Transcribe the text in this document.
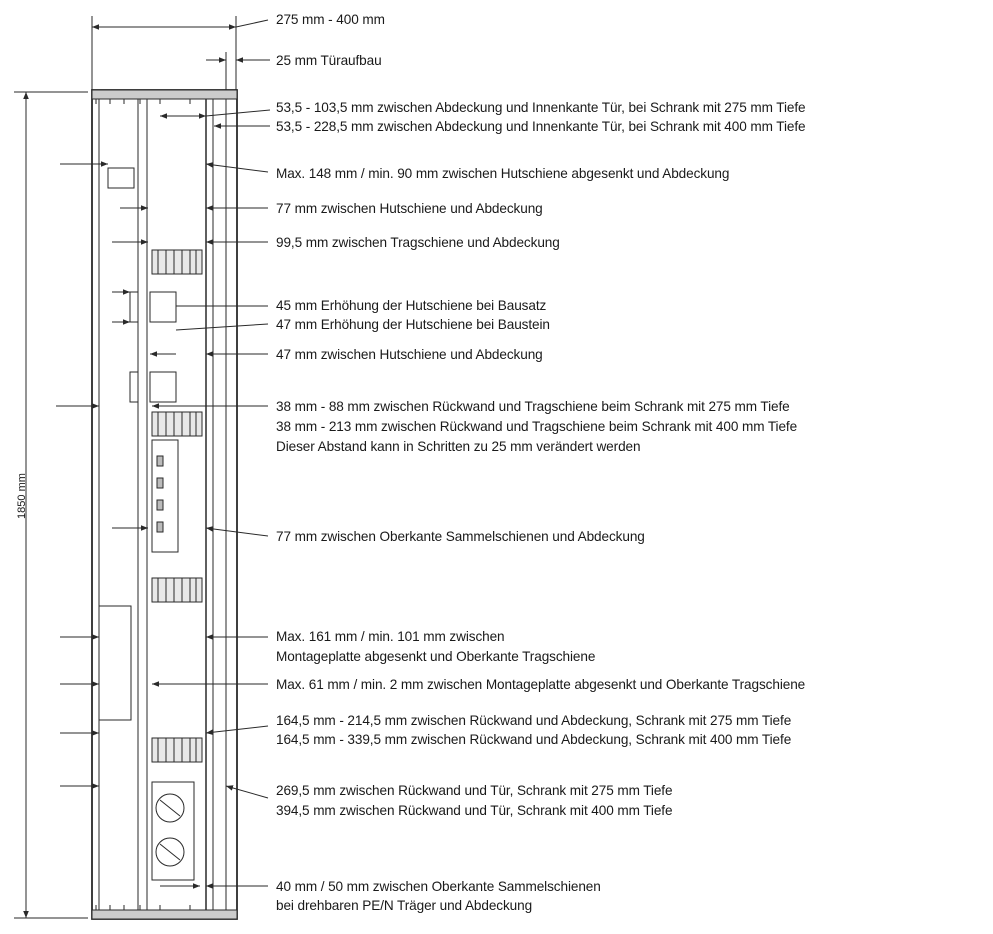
275 mm - 400 mm
25 mm Türaufbau
1850 mm
53,5 - 103,5 mm zwischen Abdeckung und Innenkante Tür, bei Schrank mit 275 mm Tiefe
53,5 - 228,5 mm zwischen Abdeckung und Innenkante Tür, bei Schrank mit 400 mm Tiefe
Max. 148 mm / min. 90 mm zwischen Hutschiene abgesenkt und Abdeckung
77 mm zwischen Hutschiene und Abdeckung
99,5 mm zwischen Tragschiene und Abdeckung
45 mm Erhöhung der Hutschiene bei Bausatz
47 mm Erhöhung der Hutschiene bei Baustein
47 mm zwischen Hutschiene und Abdeckung
38 mm - 88 mm zwischen Rückwand und Tragschiene beim Schrank mit 275 mm Tiefe
38 mm - 213 mm zwischen Rückwand und Tragschiene beim Schrank mit 400 mm Tiefe
Dieser Abstand kann in Schritten zu 25 mm verändert werden
77 mm zwischen Oberkante Sammelschienen und Abdeckung
Max. 161 mm / min. 101 mm zwischen
Montageplatte abgesenkt und Oberkante Tragschiene
Max. 61 mm / min. 2 mm zwischen Montageplatte abgesenkt und Oberkante Tragschiene
164,5 mm - 214,5 mm zwischen Rückwand und Abdeckung, Schrank mit 275 mm Tiefe
164,5 mm - 339,5 mm zwischen Rückwand und Abdeckung, Schrank mit 400 mm Tiefe
269,5 mm zwischen Rückwand und Tür, Schrank mit 275 mm Tiefe
394,5 mm zwischen Rückwand und Tür, Schrank mit 400 mm Tiefe
40 mm / 50 mm zwischen Oberkante Sammelschienen
bei drehbaren PE/N Träger und Abdeckung
